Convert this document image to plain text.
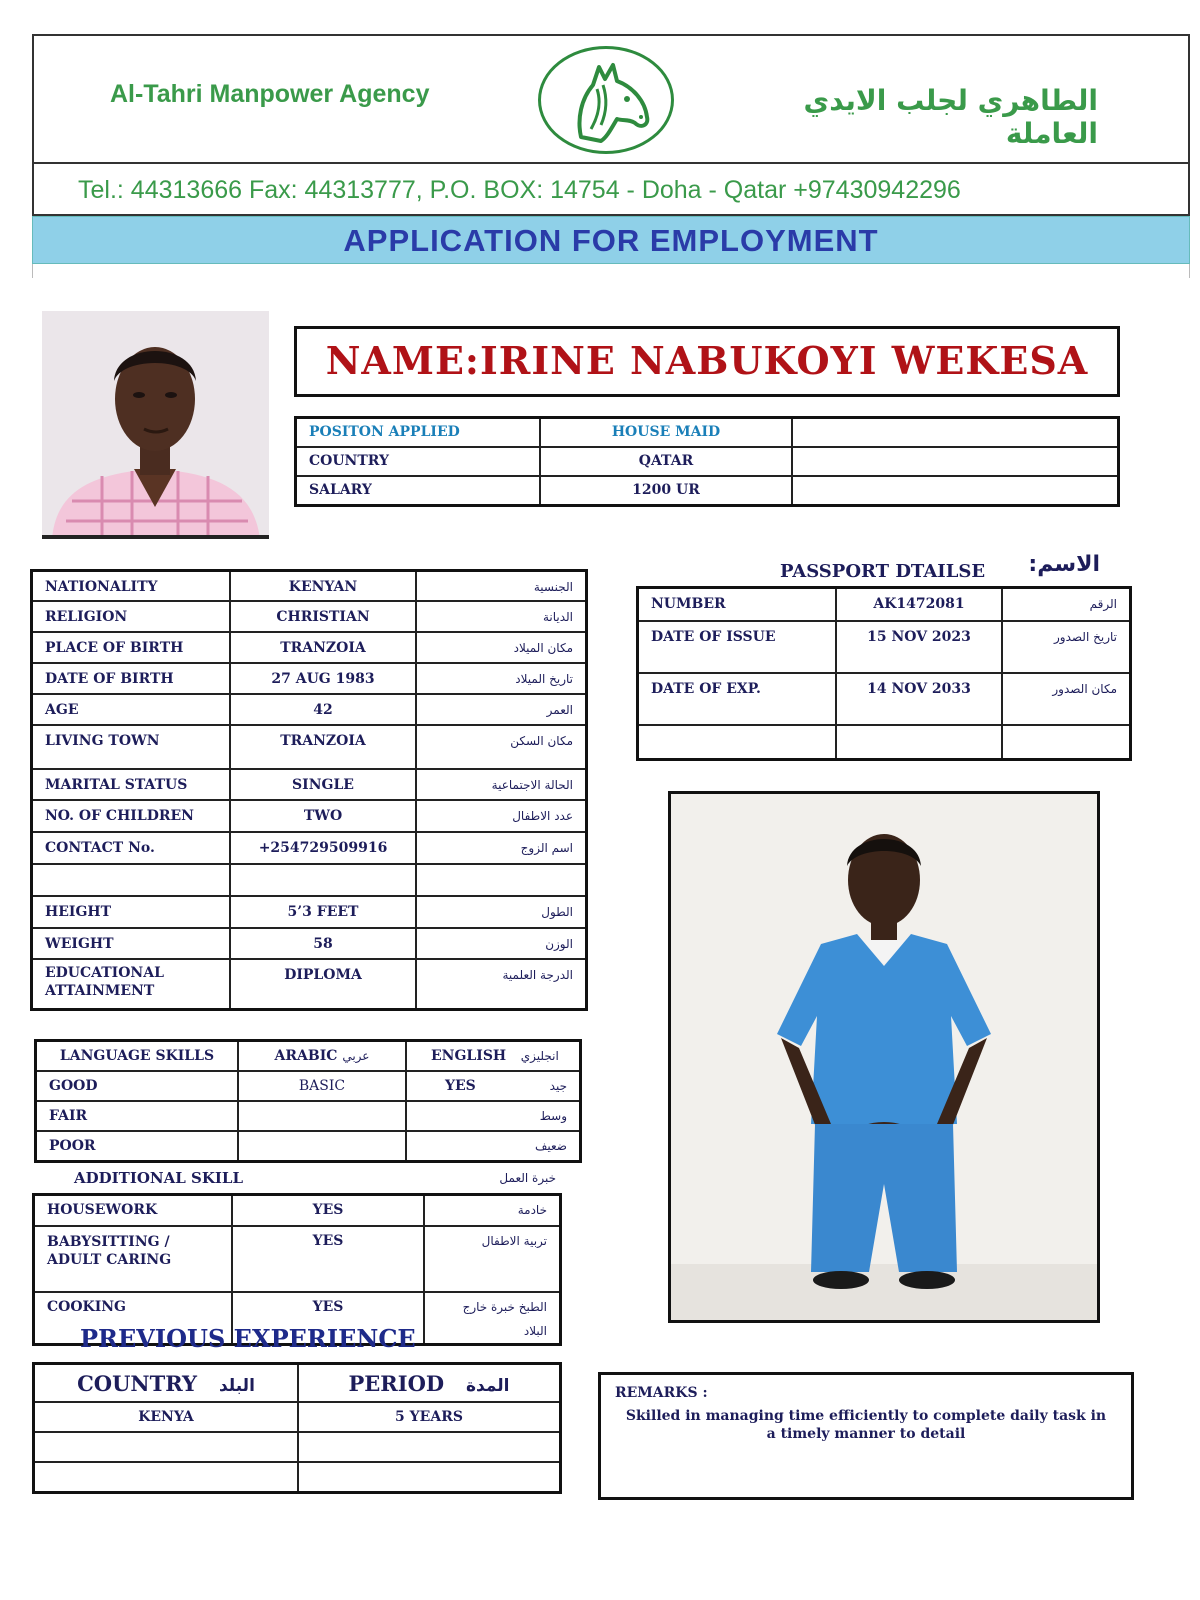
Al-Tahri Manpower Agency	الطاهري لجلب الايدي العاملة
Tel.: 44313666 Fax: 44313777, P.O. BOX: 14754 - Doha - Qatar +97430942296
APPLICATION FOR EMPLOYMENT
NAME:IRINE NABUKOYI WEKESA
POSITON APPLIED	HOUSE MAID	
COUNTRY	QATAR	
SALARY	1200 UR	
NATIONALITY	KENYAN	الجنسية
RELIGION	CHRISTIAN	الديانة
PLACE OF BIRTH	TRANZOIA	مكان الميلاد
DATE OF BIRTH	27 AUG 1983	تاريخ الميلاد
AGE	42	العمر
LIVING TOWN	TRANZOIA	مكان السكن
MARITAL STATUS	SINGLE	الحالة الاجتماعية
NO. OF CHILDREN	TWO	عدد الاطفال
CONTACT No.	+254729509916	اسم الزوج

HEIGHT	5’3 FEET	الطول
WEIGHT	58	الوزن
EDUCATIONAL ATTAINMENT	DIPLOMA	الدرجة العلمية
PASSPORT DTAILSE الاسم:
NUMBER	AK1472081	الرقم
DATE OF ISSUE	15 NOV 2023	تاريخ الصدور
DATE OF EXP.	14 NOV 2033	مكان الصدور

LANGUAGE SKILLS	ARABIC عربي	ENGLISH انجليزي
GOOD	BASIC	YES جيد

FAIR		وسط

POOR		ضعيف
ADDITIONAL SKILL	خبرة العمل
HOUSEWORK	YES	خادمة
BABYSITTING / ADULT CARING	YES	تربية الاطفال
COOKING	YES	الطبخ خبرة خارج البلاد
PREVIOUS EXPERIENCE
COUNTRY البلد	PERIOD المدة
KENYA	5 YEARS

REMARKS :
Skilled in managing time efficiently to complete daily task in a timely manner to detail
